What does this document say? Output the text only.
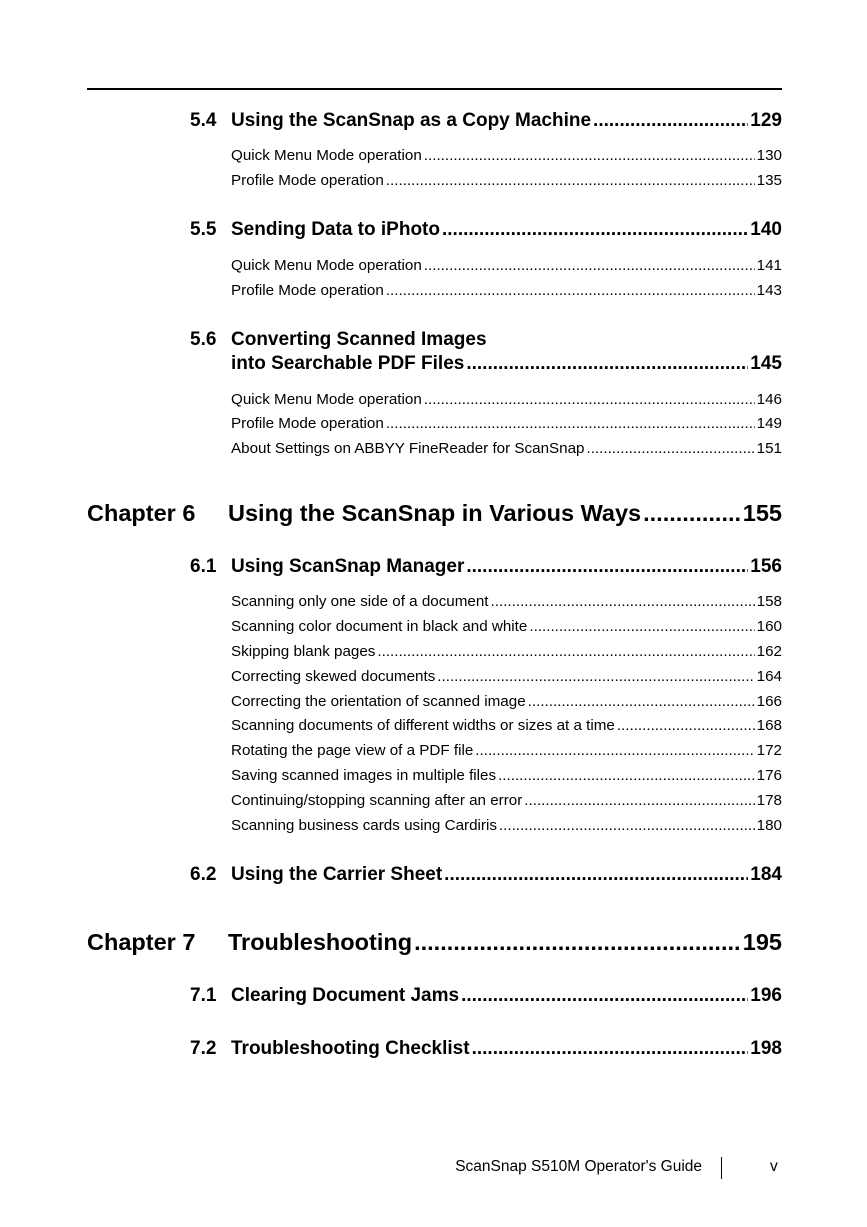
5.4 Using the ScanSnap as a Copy Machine .....	129
Quick Menu Mode operation .....	130
Profile Mode operation .....	135
5.5 Sending Data to iPhoto .....	140
Quick Menu Mode operation .....	141
Profile Mode operation .....	143
5.6 Converting Scanned Images
into Searchable PDF Files .....	145
Quick Menu Mode operation .....	146
Profile Mode operation .....	149
About Settings on ABBYY FineReader for ScanSnap .....	151
Chapter 6 Using the ScanSnap in Various Ways .....	155
6.1 Using ScanSnap Manager .....	156
Scanning only one side of a document .....	158
Scanning color document in black and white .....	160
Skipping blank pages .....	162
Correcting skewed documents .....	164
Correcting the orientation of scanned image .....	166
Scanning documents of different widths or sizes at a time .....	168
Rotating the page view of a PDF file .....	172
Saving scanned images in multiple files .....	176
Continuing/stopping scanning after an error .....	178
Scanning business cards using Cardiris .....	180
6.2 Using the Carrier Sheet .....	184
Chapter 7 Troubleshooting .....	195
7.1 Clearing Document Jams .....	196
7.2 Troubleshooting Checklist .....	198
ScanSnap S510M Operator's Guide	v
